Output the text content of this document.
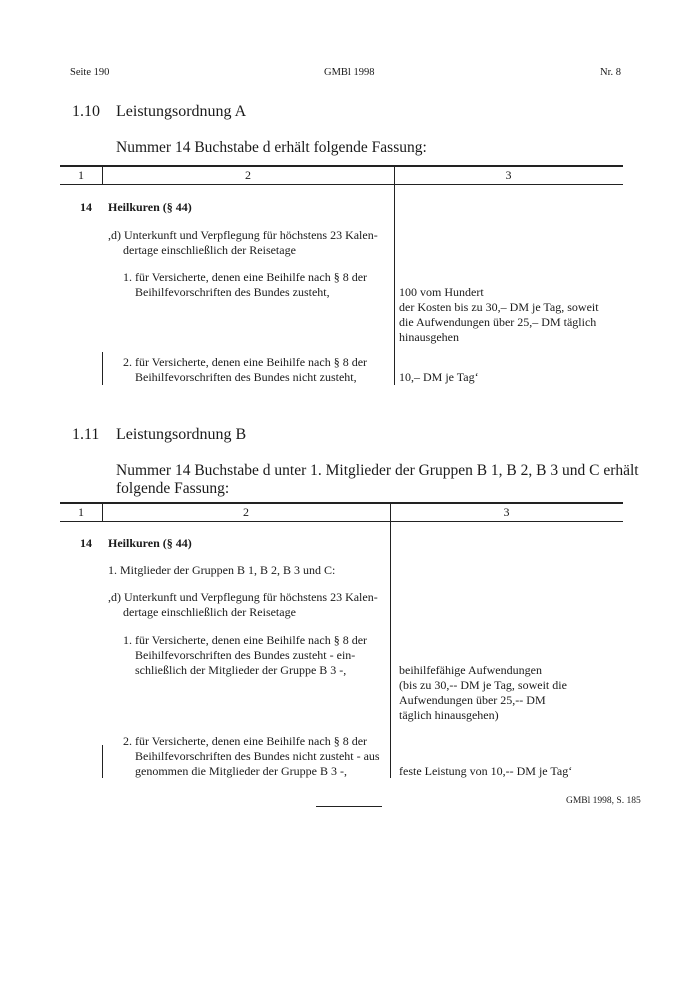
Seite 190	GMBl 1998	Nr. 8
1.10 Leistungsordnung A
Nummer 14 Buchstabe d erhält folgende Fassung:
1	2	3
14 Heilkuren (§ 44)
,d) Unterkunft und Verpflegung für höchstens 23 Kalen-
dertage einschließlich der Reisetage
1. für Versicherte, denen eine Beihilfe nach § 8 der
Beihilfevorschriften des Bundes zusteht,	100 vom Hundert
der Kosten bis zu 30,– DM je Tag, soweit
die Aufwendungen über 25,– DM täglich
hinausgehen
2. für Versicherte, denen eine Beihilfe nach § 8 der
Beihilfevorschriften des Bundes nicht zusteht,	10,– DM je Tag‘
1.11 Leistungsordnung B
Nummer 14 Buchstabe d unter 1. Mitglieder der Gruppen B 1, B 2, B 3 und C erhält
folgende Fassung:
1	2	3
14 Heilkuren (§ 44)
1. Mitglieder der Gruppen B 1, B 2, B 3 und C:
,d) Unterkunft und Verpflegung für höchstens 23 Kalen-
dertage einschließlich der Reisetage
1. für Versicherte, denen eine Beihilfe nach § 8 der
Beihilfevorschriften des Bundes zusteht - ein-
schließlich der Mitglieder der Gruppe B 3 -,	beihilfefähige Aufwendungen
(bis zu 30,-- DM je Tag, soweit die
Aufwendungen über 25,-- DM
täglich hinausgehen)
2. für Versicherte, denen eine Beihilfe nach § 8 der
Beihilfevorschriften des Bundes nicht zusteht - aus
genommen die Mitglieder der Gruppe B 3 -,	feste Leistung von 10,-- DM je Tag‘
GMBl 1998, S. 185
